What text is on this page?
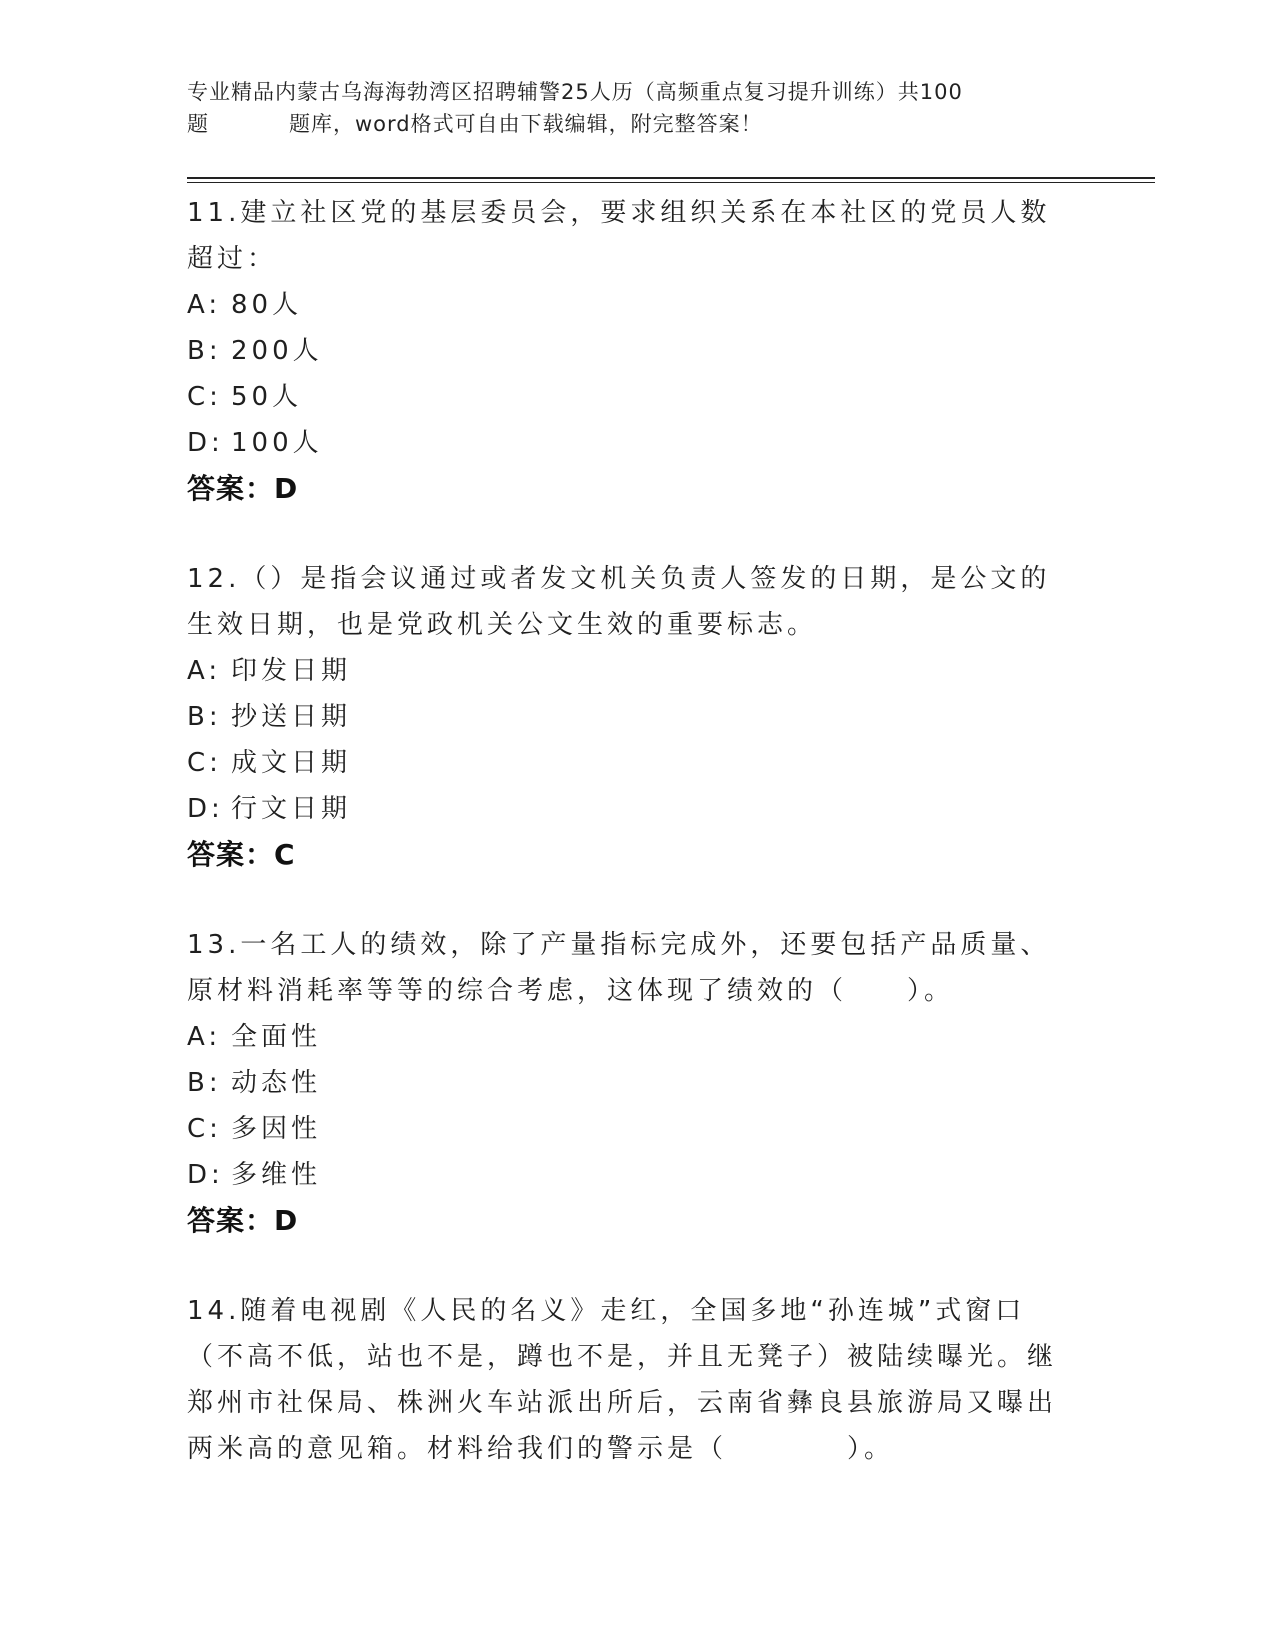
专业精品内蒙古乌海海勃湾区招聘辅警25人历（高频重点复习提升训练）共100
题	题库，word格式可自由下载编辑，附完整答案！

11.建立社区党的基层委员会，要求组织关系在本社区的党员人数超过：

A: 80人
B: 200人
C: 50人
D: 100人
答案：D

12.（）是指会议通过或者发文机关负责人签发的日期，是公文的生效日期，也是党政机关公文生效的重要标志。

A: 印发日期
B: 抄送日期
C: 成文日期
D: 行文日期
答案：C

13.一名工人的绩效，除了产量指标完成外，还要包括产品质量、原材料消耗率等等的综合考虑，这体现了绩效的（　　）。

A: 全面性
B: 动态性
C: 多因性
D: 多维性
答案：D

14.随着电视剧《人民的名义》走红，全国多地“孙连城”式窗口（不高不低，站也不是，蹲也不是，并且无凳子）被陆续曝光。继郑州市社保局、株洲火车站派出所后，云南省彝良县旅游局又曝出两米高的意见箱。材料给我们的警示是（　　　　）。
